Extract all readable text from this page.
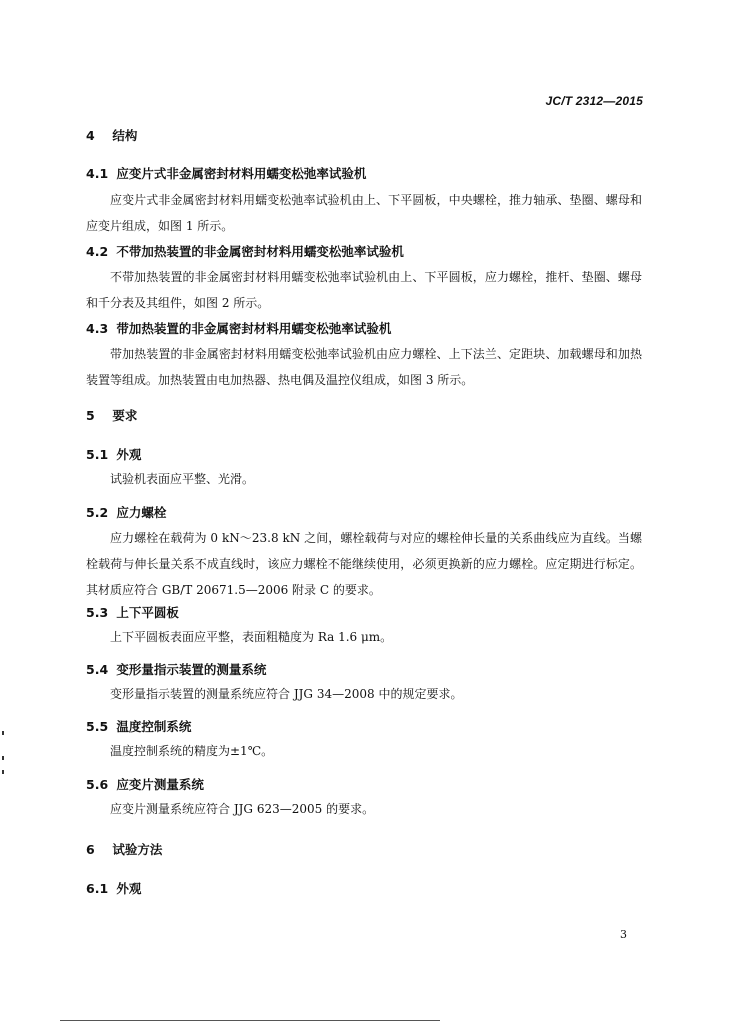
JC/T 2312—2015
4 结构
4.1 应变片式非金属密封材料用蠕变松弛率试验机
应变片式非金属密封材料用蠕变松弛率试验机由上、下平圆板，中央螺栓，推力轴承、垫圈、螺母和应变片组成，如图 1 所示。
4.2 不带加热装置的非金属密封材料用蠕变松弛率试验机
不带加热装置的非金属密封材料用蠕变松弛率试验机由上、下平圆板，应力螺栓，推杆、垫圈、螺母和千分表及其组件，如图 2 所示。
4.3 带加热装置的非金属密封材料用蠕变松弛率试验机
带加热装置的非金属密封材料用蠕变松弛率试验机由应力螺栓、上下法兰、定距块、加载螺母和加热装置等组成。加热装置由电加热器、热电偶及温控仪组成，如图 3 所示。
5 要求
5.1 外观
试验机表面应平整、光滑。
5.2 应力螺栓
应力螺栓在载荷为 0 kN～23.8 kN 之间，螺栓载荷与对应的螺栓伸长量的关系曲线应为直线。当螺栓载荷与伸长量关系不成直线时，该应力螺栓不能继续使用，必须更换新的应力螺栓。应定期进行标定。其材质应符合 GB/T 20671.5—2006 附录 C 的要求。
5.3 上下平圆板
上下平圆板表面应平整，表面粗糙度为 Ra 1.6 μm。
5.4 变形量指示装置的测量系统
变形量指示装置的测量系统应符合 JJG 34—2008 中的规定要求。
5.5 温度控制系统
温度控制系统的精度为±1℃。
5.6 应变片测量系统
应变片测量系统应符合 JJG 623—2005 的要求。
6 试验方法
6.1 外观
3
